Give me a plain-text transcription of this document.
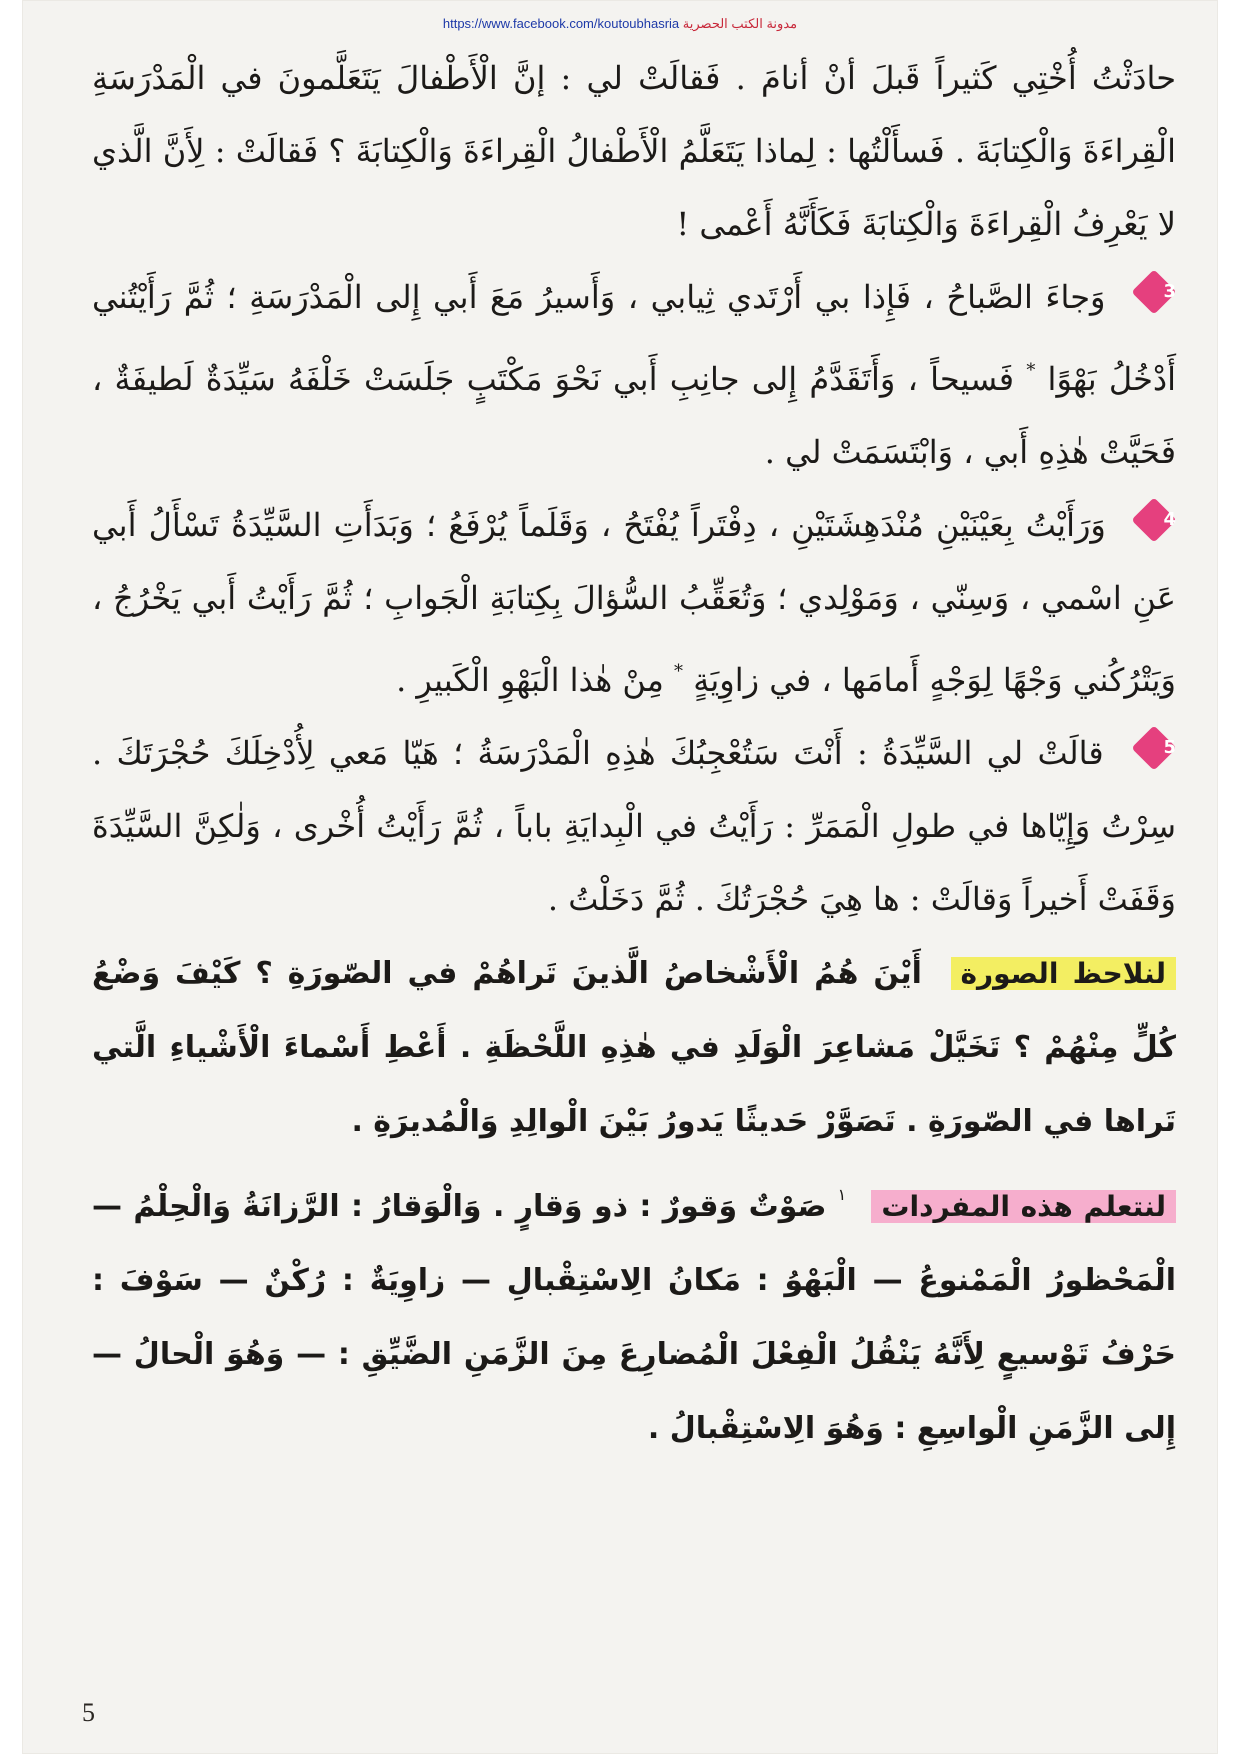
مدونة الكتب الحصرية https://www.facebook.com/koutoubhasria

حادَثْتُ أُخْتِي كَثيراً قَبلَ أنْ أنامَ . فَقالَتْ لي : إنَّ الْأَطْفالَ يَتَعَلَّمونَ في الْمَدْرَسَةِ الْقِراءَةَ وَالْكِتابَةَ . فَسأَلْتُها : لِماذا يَتَعَلَّمُ الْأَطْفالُ الْقِراءَةَ وَالْكِتابَةَ ؟ فَقالَتْ : لِأَنَّ الَّذي لا يَعْرِفُ الْقِراءَةَ وَالْكِتابَةَ فَكَأَنَّهُ أَعْمى !

3
وَجاءَ الصَّباحُ ، فَإِذا بي أَرْتَدي ثِيابي ، وَأَسيرُ مَعَ أَبي إِلى الْمَدْرَسَةِ ؛ ثُمَّ رَأَيْتُني أَدْخُلُ بَهْوًا * فَسيحاً ، وَأَتَقَدَّمُ إِلى جانِبِ أَبي نَحْوَ مَكْتَبٍ جَلَسَتْ خَلْفَهُ سَيِّدَةٌ لَطيفَةٌ ، فَحَيَّتْ هٰذِهِ أَبي ، وَابْتَسَمَتْ لي .

4
وَرَأَيْتُ بِعَيْنَيْنِ مُنْدَهِشَتَيْنِ ، دِفْتَراً يُفْتَحُ ، وَقَلَماً يُرْفَعُ ؛ وَبَدَأَتِ السَّيِّدَةُ تَسْأَلُ أَبي عَنِ اسْمي ، وَسِنّي ، وَمَوْلِدي ؛ وَتُعَقِّبُ السُّؤالَ بِكِتابَةِ الْجَوابِ ؛ ثُمَّ رَأَيْتُ أَبي يَخْرُجُ ، وَيَتْرُكُني وَجْهًا لِوَجْهٍ أَمامَها ، في زاوِيَةٍ * مِنْ هٰذا الْبَهْوِ الْكَبيرِ .

5
قالَتْ لي السَّيِّدَةُ : أَنْتَ سَتُعْجِبُكَ هٰذِهِ الْمَدْرَسَةُ ؛ هَيّا مَعي لِأُدْخِلَكَ حُجْرَتَكَ . سِرْتُ وَإِيّاها في طولِ الْمَمَرِّ : رَأَيْتُ في الْبِدايَةِ باباً ، ثُمَّ رَأَيْتُ أُخْرى ، وَلٰكِنَّ السَّيِّدَةَ وَقَفَتْ أَخيراً وَقالَتْ : ها هِيَ حُجْرَتُكَ . ثُمَّ دَخَلْتُ .

لنلاحظ الصورة أَيْنَ هُمُ الْأَشْخاصُ الَّذينَ تَراهُمْ في الصّورَةِ ؟ كَيْفَ وَضْعُ كُلٍّ مِنْهُمْ ؟ تَخَيَّلْ مَشاعِرَ الْوَلَدِ في هٰذِهِ اللَّحْظَةِ . أَعْطِ أَسْماءَ الْأَشْياءِ الَّتي تَراها في الصّورَةِ . تَصَوَّرْ حَديثًا يَدورُ بَيْنَ الْوالِدِ وَالْمُديرَةِ .

لنتعلم هذه المفردات $^١$ صَوْتٌ وَقورٌ : ذو وَقارٍ . وَالْوَقارُ : الرَّزانَةُ وَالْحِلْمُ — الْمَحْظورُ الْمَمْنوعُ — الْبَهْوُ : مَكانُ الِاسْتِقْبالِ — زاوِيَةٌ : رُكْنٌ — سَوْفَ : حَرْفُ تَوْسيعٍ لِأَنَّهُ يَنْقُلُ الْفِعْلَ الْمُضارِعَ مِنَ الزَّمَنِ الضَّيِّقِ : — وَهُوَ الْحالُ — إِلى الزَّمَنِ الْواسِعِ : وَهُوَ الِاسْتِقْبالُ .

5
